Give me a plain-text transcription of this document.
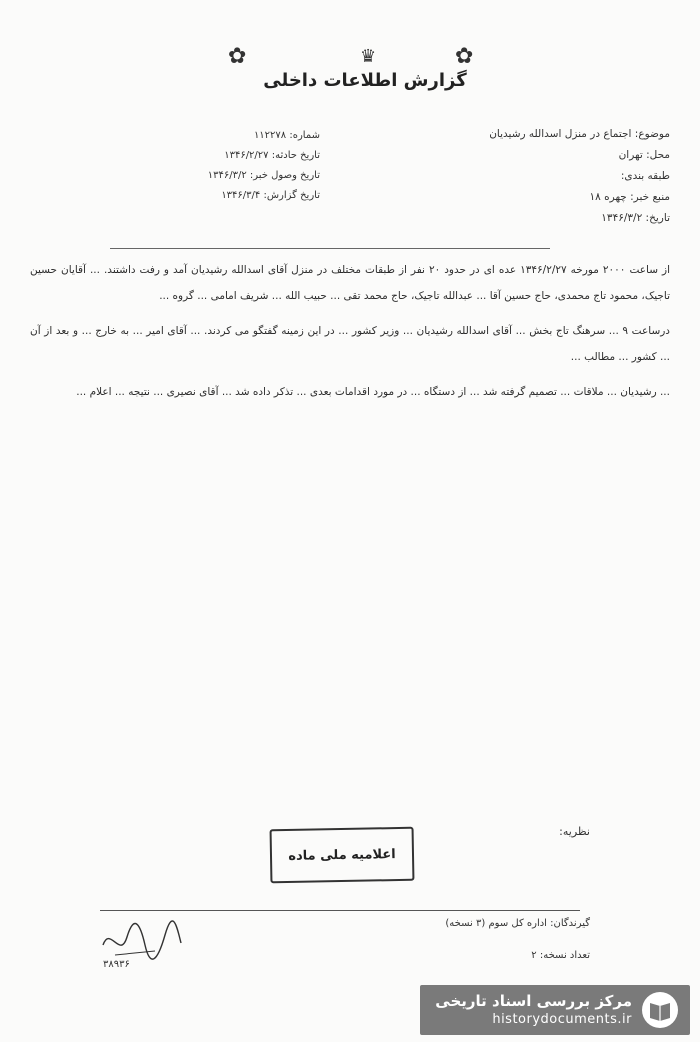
✿	♛	✿
گزارش اطلاعات داخلی
موضوع: اجتماع در منزل اسدالله رشیدیان
محل: تهران
طبقه بندی:
منبع خبر: چهره ۱۸
تاریخ: ۱۳۴۶/۳/۲
شماره: ۱۱۲۲۷۸
تاریخ حادثه: ۱۳۴۶/۲/۲۷
تاریخ وصول خبر: ۱۳۴۶/۳/۲
تاریخ گزارش: ۱۳۴۶/۳/۴

از ساعت ۲۰۰۰ مورخه ۱۳۴۶/۲/۲۷ عده ای در حدود ۲۰ نفر از طبقات مختلف در منزل آقای اسدالله رشیدیان آمد و رفت داشتند. ... آقایان حسین تاجیک، محمود تاج محمدی، حاج حسین آقا ... عبدالله تاجیک، حاج محمد تقی ... حبیب الله ... شریف امامی ... گروه ...

درساعت ۹ ... سرهنگ تاج بخش ... آقای اسدالله رشیدیان ... وزیر کشور ... در این زمینه گفتگو می کردند. ... آقای امیر ... به خارج ... و بعد از آن ... کشور ... مطالب ...

... رشیدیان ... ملاقات ... تصمیم گرفته شد ... از دستگاه ... در مورد اقدامات بعدی ... تذکر داده شد ... آقای نصیری ... نتیجه ... اعلام ...

نظریه:
اعلامیه ملی ماده
گیرندگان: اداره کل سوم (۳ نسخه)
تعداد نسخه: ۲
۳۸۹۳۶
مرکز بررسی اسناد تاریخی
historydocuments.ir
